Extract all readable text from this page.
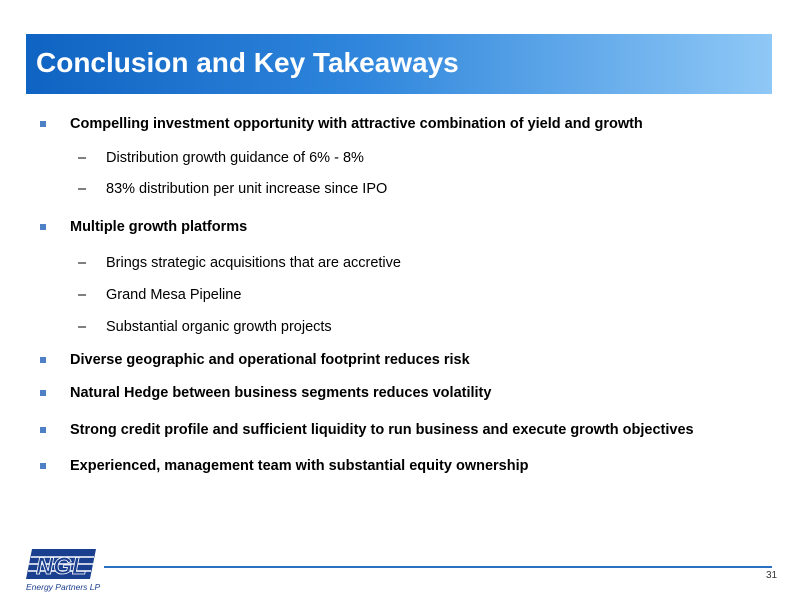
Conclusion and Key Takeaways
Compelling investment opportunity with attractive combination of yield and growth
– Distribution growth guidance of 6% - 8%
– 83% distribution per unit increase since IPO
Multiple growth platforms
– Brings strategic acquisitions that are accretive
– Grand Mesa Pipeline
– Substantial organic growth projects
Diverse geographic and operational footprint reduces risk
Natural Hedge between business segments reduces volatility
Strong credit profile and sufficient liquidity to run business and execute growth objectives
Experienced, management team with substantial equity ownership
NGL
Energy Partners LP
31
